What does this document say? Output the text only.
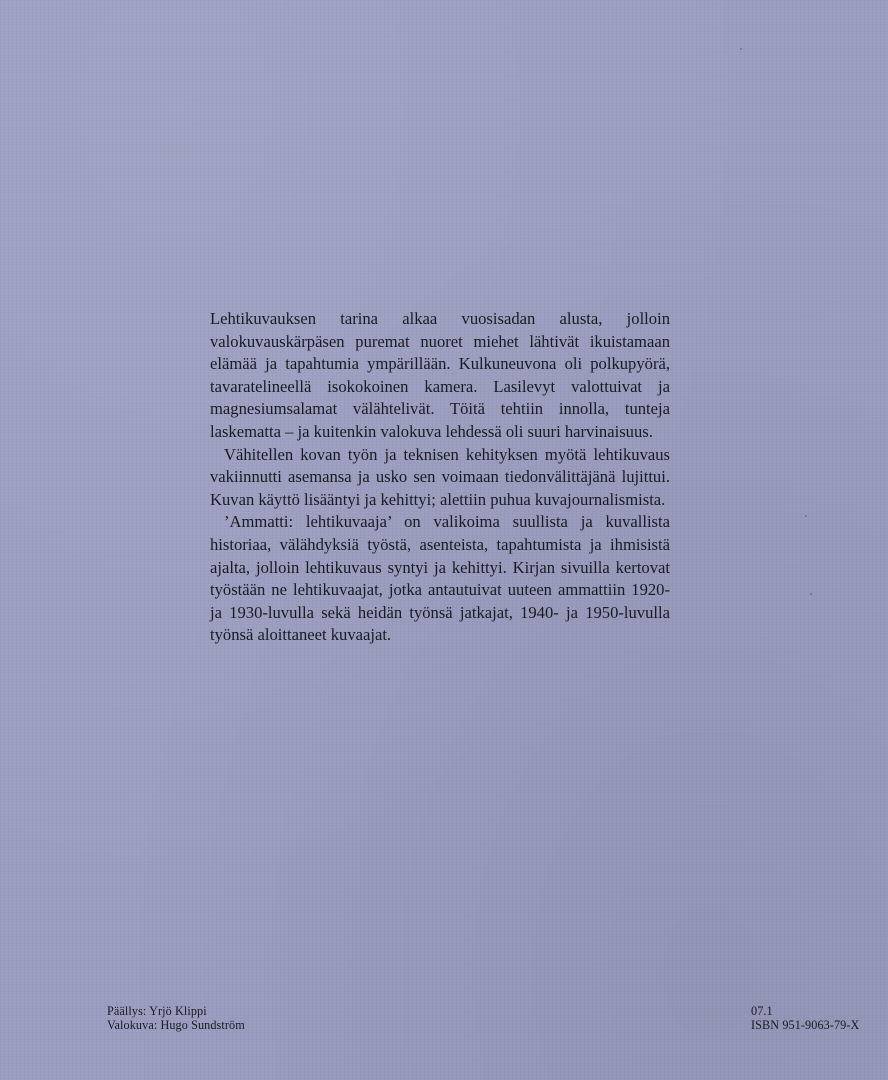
Lehtikuvauksen tarina alkaa vuosisadan alusta, jolloin valokuvauskärpäsen puremat nuoret miehet lähtivät ikuistamaan elämää ja tapahtumia ympärillään. Kulkuneuvona oli polkupyörä, tavaratelineellä isokokoinen kamera. Lasilevyt valottuivat ja magnesiumsalamat välähtelivät. Töitä tehtiin innolla, tunteja laskematta – ja kuitenkin valokuva lehdessä oli suuri harvinaisuus.

Vähitellen kovan työn ja teknisen kehityksen myötä lehtikuvaus vakiinnutti asemansa ja usko sen voimaan tiedonvälittäjänä lujittui. Kuvan käyttö lisääntyi ja kehittyi; alettiin puhua kuvajournalismista.

’Ammatti: lehtikuvaaja’ on valikoima suullista ja kuvallista historiaa, välähdyksiä työstä, asenteista, tapahtumista ja ihmisistä ajalta, jolloin lehtikuvaus syntyi ja kehittyi. Kirjan sivuilla kertovat työstään ne lehtikuvaajat, jotka antautuivat uuteen ammattiin 1920- ja 1930-luvulla sekä heidän työnsä jatkajat, 1940- ja 1950-luvulla työnsä aloittaneet kuvaajat.

Päällys: Yrjö Klippi
Valokuva: Hugo Sundström
07.1
ISBN 951-9063-79-X
